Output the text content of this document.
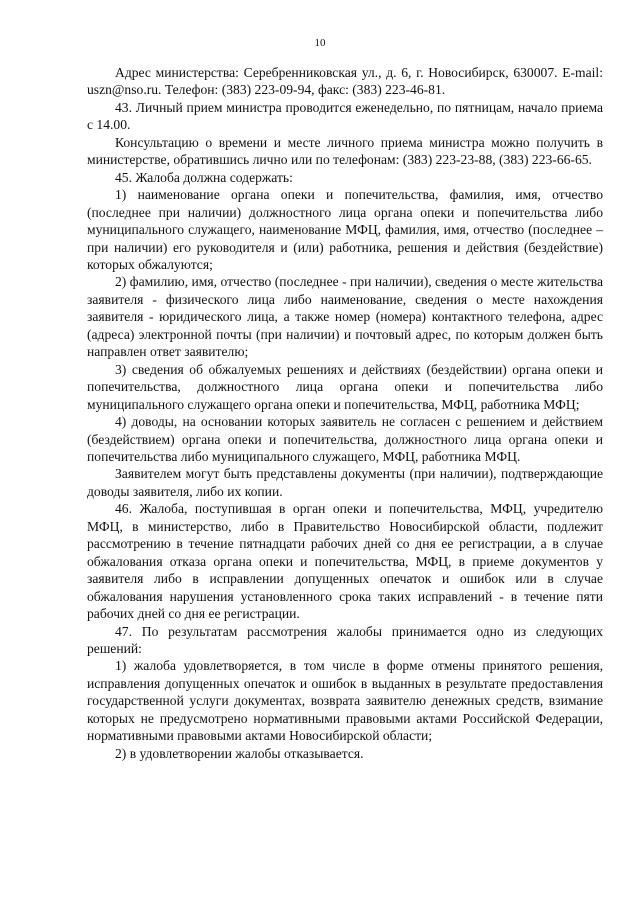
10

Адрес министерства: Серебренниковская ул., д. 6, г. Новосибирск, 630007. E-mail: uszn@nso.ru. Телефон: (383) 223-09-94, факс: (383) 223-46-81.

43. Личный прием министра проводится еженедельно, по пятницам, начало приема с 14.00.

Консультацию о времени и месте личного приема министра можно получить в министерстве, обратившись лично или по телефонам: (383) 223-23-88, (383) 223-66-65.

45. Жалоба должна содержать:

1) наименование органа опеки и попечительства, фамилия, имя, отчество (последнее при наличии) должностного лица органа опеки и попечительства либо муниципального служащего, наименование МФЦ, фамилия, имя, отчество (последнее – при наличии) его руководителя и (или) работника, решения и действия (бездействие) которых обжалуются;

2) фамилию, имя, отчество (последнее - при наличии), сведения о месте жительства заявителя - физического лица либо наименование, сведения о месте нахождения заявителя - юридического лица, а также номер (номера) контактного телефона, адрес (адреса) электронной почты (при наличии) и почтовый адрес, по которым должен быть направлен ответ заявителю;

3) сведения об обжалуемых решениях и действиях (бездействии) органа опеки и попечительства, должностного лица органа опеки и попечительства либо муниципального служащего органа опеки и попечительства, МФЦ, работника МФЦ;

4) доводы, на основании которых заявитель не согласен с решением и действием (бездействием) органа опеки и попечительства, должностного лица органа опеки и попечительства либо муниципального служащего, МФЦ, работника МФЦ.

Заявителем могут быть представлены документы (при наличии), подтверждающие доводы заявителя, либо их копии.

46. Жалоба, поступившая в орган опеки и попечительства, МФЦ, учредителю МФЦ, в министерство, либо в Правительство Новосибирской области, подлежит рассмотрению в течение пятнадцати рабочих дней со дня ее регистрации, а в случае обжалования отказа органа опеки и попечительства, МФЦ, в приеме документов у заявителя либо в исправлении допущенных опечаток и ошибок или в случае обжалования нарушения установленного срока таких исправлений - в течение пяти рабочих дней со дня ее регистрации.

47. По результатам рассмотрения жалобы принимается одно из следующих решений:

1) жалоба удовлетворяется, в том числе в форме отмены принятого решения, исправления допущенных опечаток и ошибок в выданных в результате предоставления государственной услуги документах, возврата заявителю денежных средств, взимание которых не предусмотрено нормативными правовыми актами Российской Федерации, нормативными правовыми актами Новосибирской области;

2) в удовлетворении жалобы отказывается.
